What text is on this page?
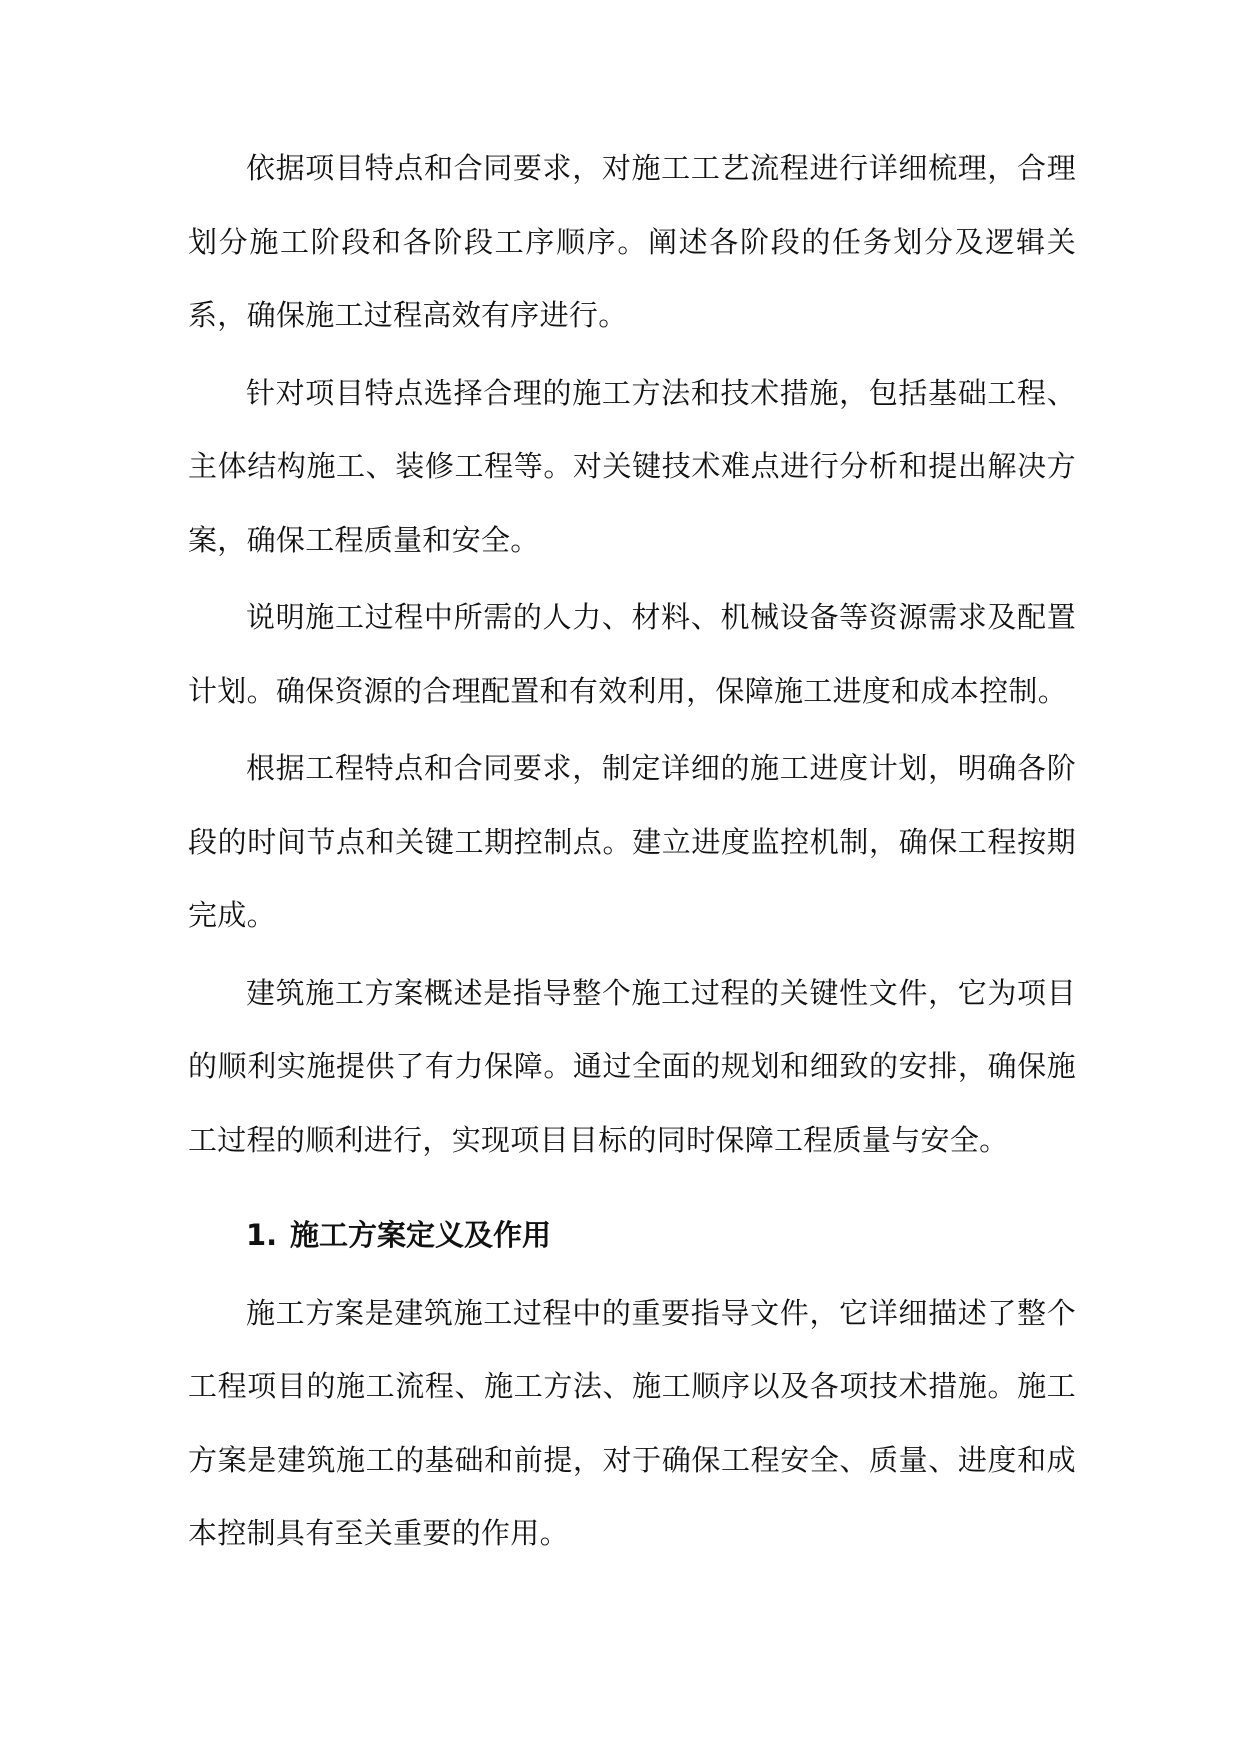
依据项目特点和合同要求，对施工工艺流程进行详细梳理，合理划分施工阶段和各阶段工序顺序。阐述各阶段的任务划分及逻辑关系，确保施工过程高效有序进行。

针对项目特点选择合理的施工方法和技术措施，包括基础工程、主体结构施工、装修工程等。对关键技术难点进行分析和提出解决方案，确保工程质量和安全。

说明施工过程中所需的人力、材料、机械设备等资源需求及配置计划。确保资源的合理配置和有效利用，保障施工进度和成本控制。

根据工程特点和合同要求，制定详细的施工进度计划，明确各阶段的时间节点和关键工期控制点。建立进度监控机制，确保工程按期完成。

建筑施工方案概述是指导整个施工过程的关键性文件，它为项目的顺利实施提供了有力保障。通过全面的规划和细致的安排，确保施工过程的顺利进行，实现项目目标的同时保障工程质量与安全。

1. 施工方案定义及作用

施工方案是建筑施工过程中的重要指导文件，它详细描述了整个工程项目的施工流程、施工方法、施工顺序以及各项技术措施。施工方案是建筑施工的基础和前提，对于确保工程安全、质量、进度和成本控制具有至关重要的作用。
